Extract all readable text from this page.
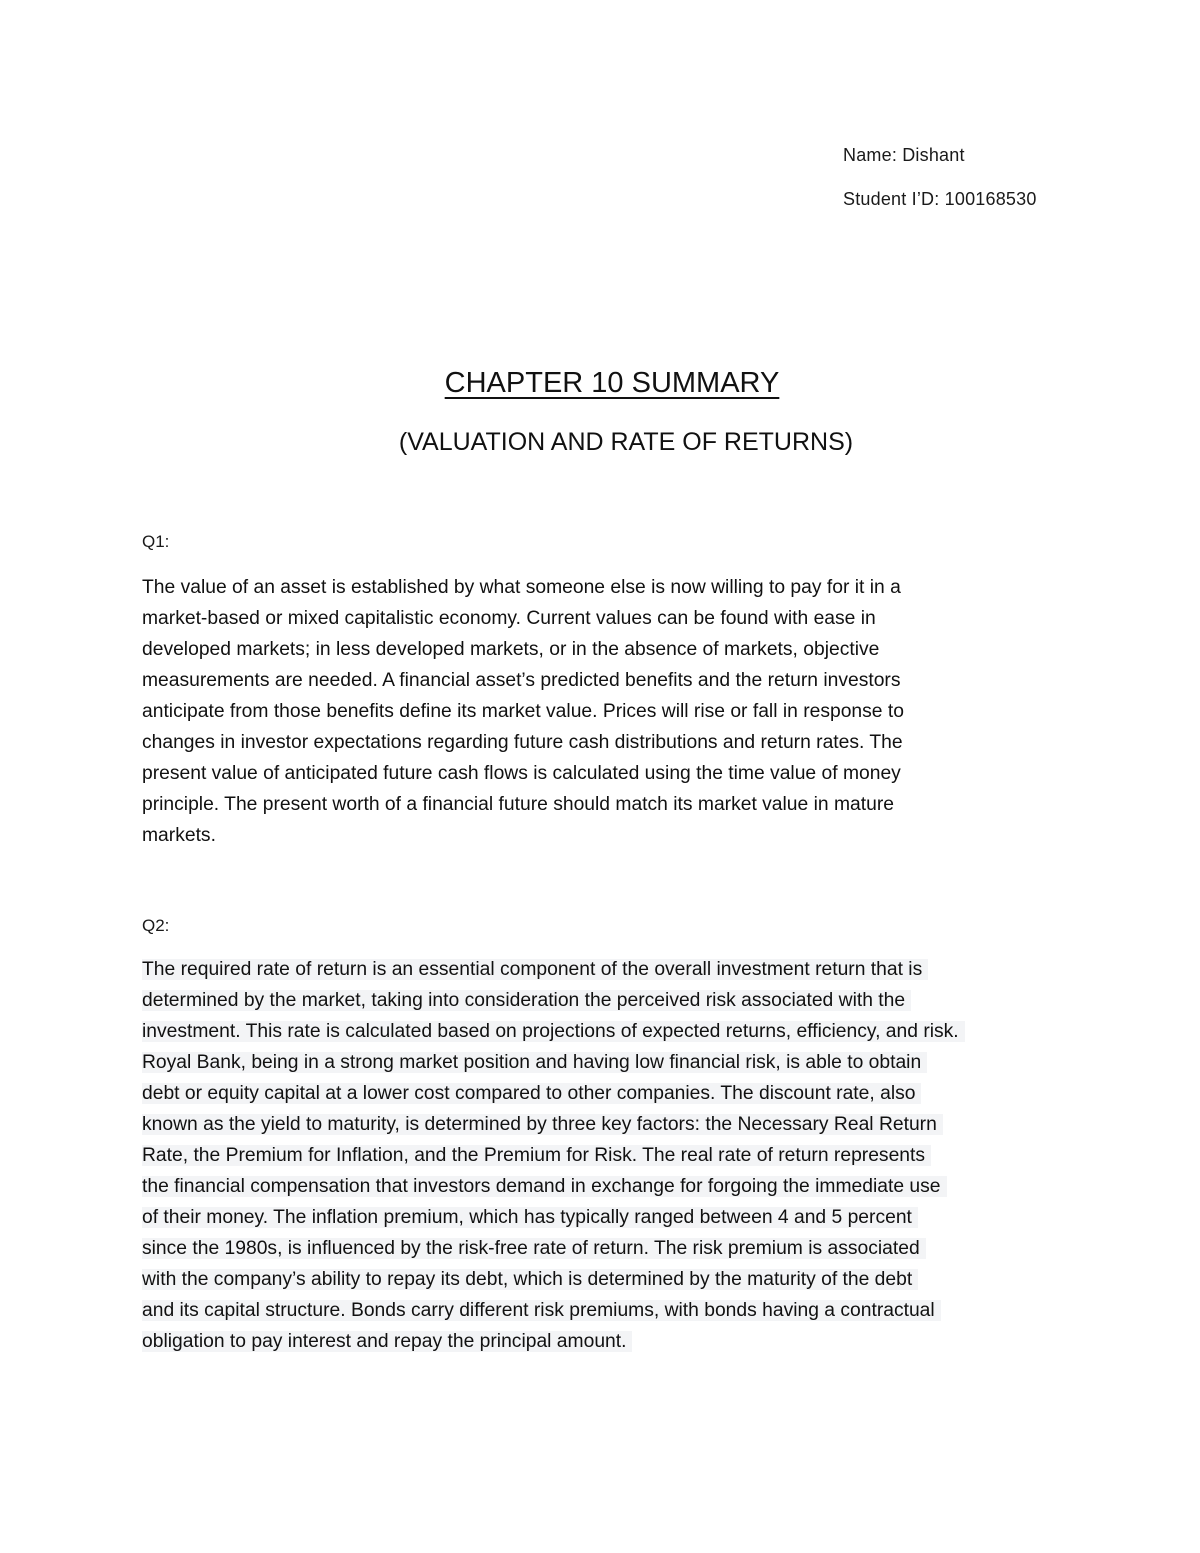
Name: Dishant
Student I’D: 100168530
CHAPTER 10 SUMMARY
(VALUATION AND RATE OF RETURNS)
Q1:

The value of an asset is established by what someone else is now willing to pay for it in a
market-based or mixed capitalistic economy. Current values can be found with ease in
developed markets; in less developed markets, or in the absence of markets, objective
measurements are needed. A financial asset’s predicted benefits and the return investors
anticipate from those benefits define its market value. Prices will rise or fall in response to
changes in investor expectations regarding future cash distributions and return rates. The
present value of anticipated future cash flows is calculated using the time value of money
principle. The present worth of a financial future should match its market value in mature
markets.

Q2:

The required rate of return is an essential component of the overall investment return that is
determined by the market, taking into consideration the perceived risk associated with the
investment. This rate is calculated based on projections of expected returns, efficiency, and risk.
Royal Bank, being in a strong market position and having low financial risk, is able to obtain
debt or equity capital at a lower cost compared to other companies. The discount rate, also
known as the yield to maturity, is determined by three key factors: the Necessary Real Return
Rate, the Premium for Inflation, and the Premium for Risk. The real rate of return represents
the financial compensation that investors demand in exchange for forgoing the immediate use
of their money. The inflation premium, which has typically ranged between 4 and 5 percent
since the 1980s, is influenced by the risk-free rate of return. The risk premium is associated
with the company’s ability to repay its debt, which is determined by the maturity of the debt
and its capital structure. Bonds carry different risk premiums, with bonds having a contractual
obligation to pay interest and repay the principal amount.
